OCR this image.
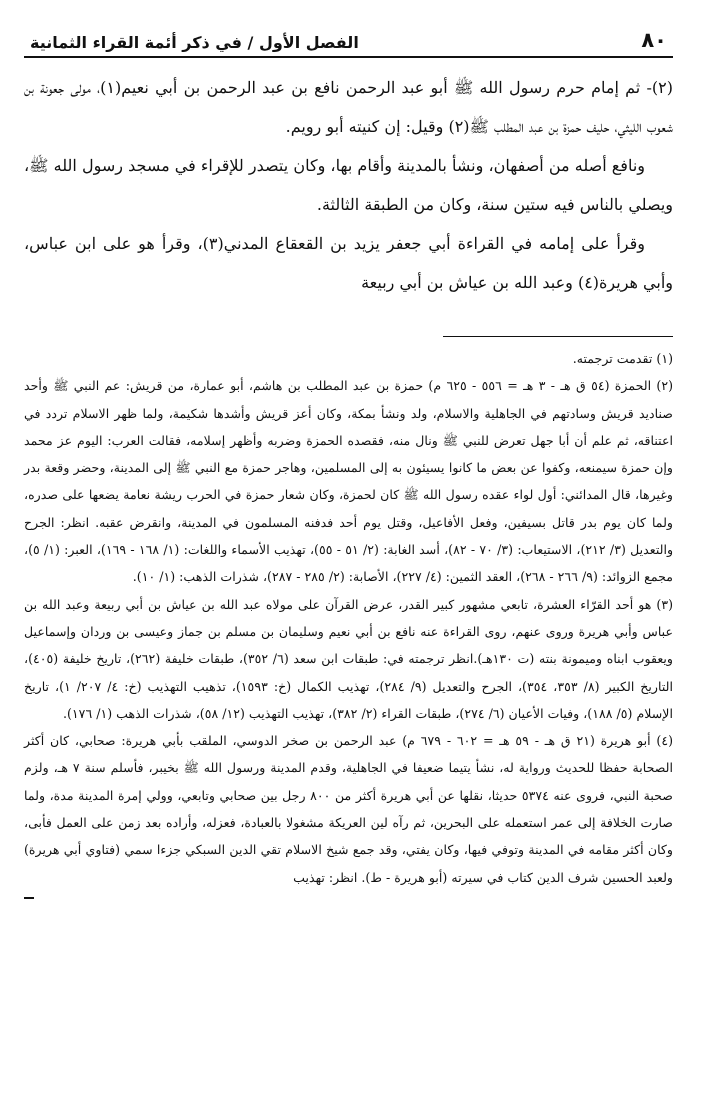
٨٠
الفصل الأول / في ذكر أئمة القراء الثمانية

(٢)- ثم إمام حرم رسول الله ﷺ أبو عبد الرحمن نافع بن عبد الرحمن بن أبي نعيم(١)، مولى جعونة بن شعوب الليثي، حليف حمزة بن عبد المطلب ﷺ(٢) وقيل: إن كنيته أبو رويم.

ونافع أصله من أصفهان، ونشأ بالمدينة وأقام بها، وكان يتصدر للإقراء في مسجد رسول الله ﷺ، ويصلي بالناس فيه ستين سنة، وكان من الطبقة الثالثة.

وقرأ على إمامه في القراءة أبي جعفر يزيد بن القعقاع المدني(٣)، وقرأ هو على ابن عباس، وأبي هريرة(٤) وعبد الله بن عياش بن أبي ربيعة

(١) تقدمت ترجمته.

(٢) الحمزة (٥٤ ق هـ - ٣ هـ = ٥٥٦ - ٦٢٥ م) حمزة بن عبد المطلب بن هاشم، أبو عمارة، من قريش: عم النبي ﷺ وأحد صناديد قريش وسادتهم في الجاهلية والاسلام، ولد ونشأ بمكة، وكان أعز قريش وأشدها شكيمة، ولما ظهر الاسلام تردد في اعتناقه، ثم علم أن أبا جهل تعرض للنبي ﷺ ونال منه، فقصده الحمزة وضربه وأظهر إسلامه، فقالت العرب: اليوم عز محمد وإن حمزة سيمنعه، وكفوا عن بعض ما كانوا يسيئون به إلى المسلمين، وهاجر حمزة مع النبي ﷺ إلى المدينة، وحضر وقعة بدر وغيرها، قال المدائني: أول لواء عقده رسول الله ﷺ كان لحمزة، وكان شعار حمزة في الحرب ريشة نعامة يضعها على صدره، ولما كان يوم بدر قاتل بسيفين، وفعل الأفاعيل، وقتل يوم أحد فدفنه المسلمون في المدينة، وانقرض عقبه. انظر: الجرح والتعديل (٣/ ٢١٢)، الاستيعاب: (٣/ ٧٠ - ٨٢)، أسد الغابة: (٢/ ٥١ - ٥٥)، تهذيب الأسماء واللغات: (١/ ١٦٨ - ١٦٩)، العبر: (١/ ٥)، مجمع الزوائد: (٩/ ٢٦٦ - ٢٦٨)، العقد الثمين: (٤/ ٢٢٧)، الأصابة: (٢/ ٢٨٥ - ٢٨٧)، شذرات الذهب: (١/ ١٠).

(٣) هو أحد القرّاء العشرة، تابعي مشهور كبير القدر، عرض القرآن على مولاه عبد الله بن عياش بن أبي ربيعة وعبد الله بن عباس وأبي هريرة وروى عنهم، روى القراءة عنه نافع بن أبي نعيم وسليمان بن مسلم بن جماز وعيسى بن وردان وإسماعيل ويعقوب ابناه وميمونة بنته (ت ١٣٠هـ).انظر ترجمته في: طبقات ابن سعد (٦/ ٣٥٢)، طبقات خليفة (٢٦٢)، تاريخ خليفة (٤٠٥)، التاريخ الكبير (٨/ ٣٥٣، ٣٥٤)، الجرح والتعديل (٩/ ٢٨٤)، تهذيب الكمال (خ: ١٥٩٣)، تذهيب التهذيب (خ: ٤/ ٢٠٧/ ١)، تاريخ الإسلام (٥/ ١٨٨)، وفيات الأعيان (٦/ ٢٧٤)، طبقات القراء (٢/ ٣٨٢)، تهذيب التهذيب (١٢/ ٥٨)، شذرات الذهب (١/ ١٧٦).

(٤) أبو هريرة (٢١ ق هـ - ٥٩ هـ = ٦٠٢ - ٦٧٩ م) عبد الرحمن بن صخر الدوسي، الملقب بأبي هريرة: صحابي، كان أكثر الصحابة حفظا للحديث ورواية له، نشأ يتيما ضعيفا في الجاهلية، وقدم المدينة ورسول الله ﷺ بخيبر، فأسلم سنة ٧ هـ، ولزم صحبة النبي، فروى عنه ٥٣٧٤ حديثا، نقلها عن أبي هريرة أكثر من ٨٠٠ رجل بين صحابي وتابعي، وولي إمرة المدينة مدة، ولما صارت الخلافة إلى عمر استعمله على البحرين، ثم رآه لين العريكة مشغولا بالعبادة، فعزله، وأراده بعد زمن على العمل فأبى، وكان أكثر مقامه في المدينة وتوفي فيها، وكان يفتي، وقد جمع شيخ الاسلام تقي الدين السبكي جزءا سمي (فتاوي أبي هريرة) ولعبد الحسين شرف الدين كتاب في سيرته (أبو هريرة - ط). انظر: تهذيب
